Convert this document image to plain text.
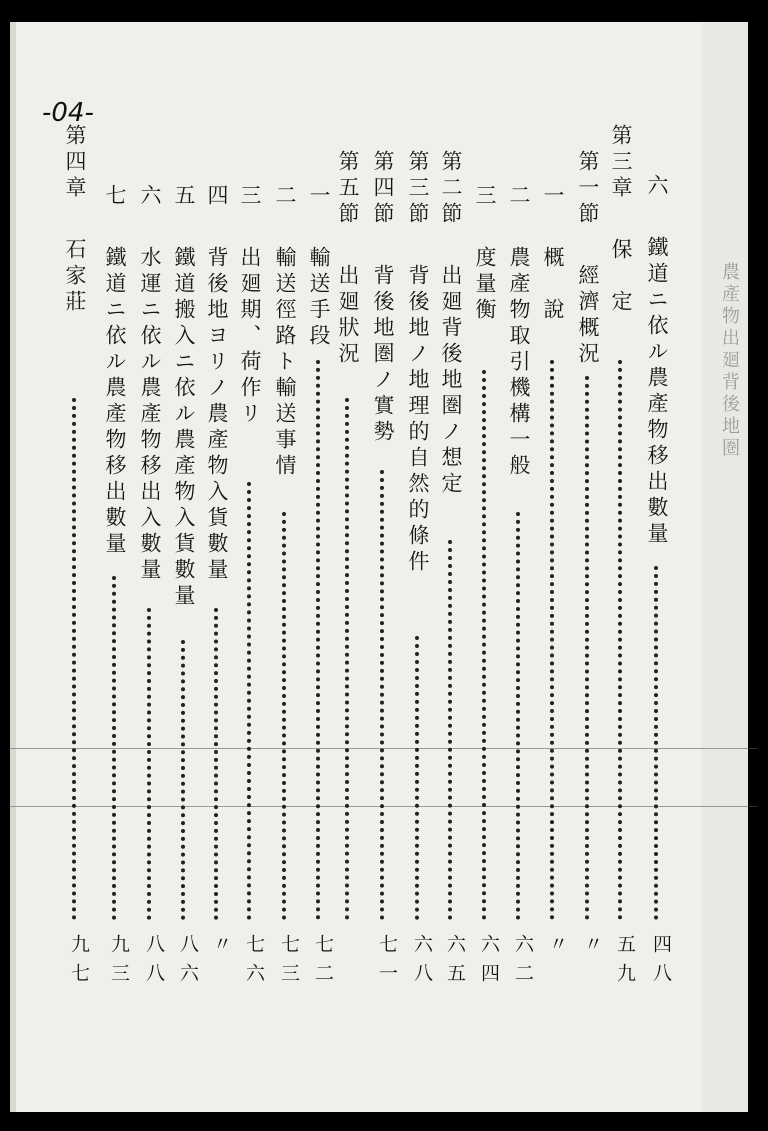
農產物出廻背後地圏
-04-
六　鐵道ニ依ル農產物移出數量
四八
第三章　保　定
五九
第一節　經濟概況
〃
一　概　說
〃
二　農產物取引機構一般
六二
三　度量衡
六四
第二節　出廻背後地圏ノ想定
六五
第三節　背後地ノ地理的自然的條件
六八
第四節　背後地圏ノ實勢
七一
第五節　出廻狀況
一　輸送手段
七二
二　輸送徑路ト輸送事情
七三
三　出廻期、荷作リ
七六
四　背後地ヨリノ農產物入貨數量
〃
五　鐵道搬入ニ依ル農產物入貨數量
八六
六　水運ニ依ル農產物移出入數量
八八
七　鐵道ニ依ル農產物移出數量
九三
第四章　石家莊
九七
